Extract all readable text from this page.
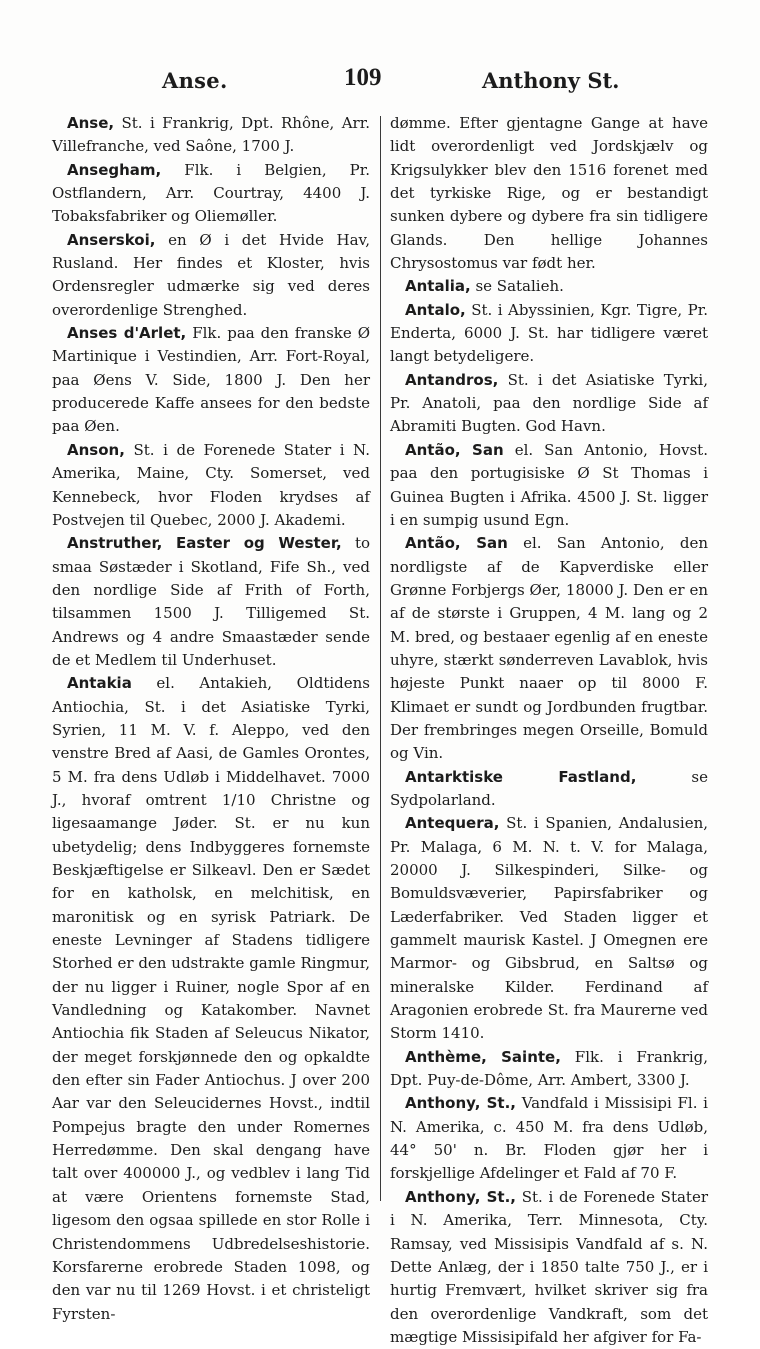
Anse.	109	Anthony St.

Anse, St. i Frankrig, Dpt. Rhône, Arr. Villefranche, ved Saône, 1700 J.

Ansegham, Flk. i Belgien, Pr. Ostflandern, Arr. Courtray, 4400 J. Tobaksfabriker og Oliemøller.

Anserskoi, en Ø i det Hvide Hav, Rusland. Her findes et Kloster, hvis Ordensregler udmærke sig ved deres overordenlige Strenghed.

Anses d'Arlet, Flk. paa den franske Ø Martinique i Vestindien, Arr. Fort-Royal, paa Øens V. Side, 1800 J. Den her producerede Kaffe ansees for den bedste paa Øen.

Anson, St. i de Forenede Stater i N. Amerika, Maine, Cty. Somerset, ved Kennebeck, hvor Floden krydses af Postvejen til Quebec, 2000 J. Akademi.

Anstruther, Easter og Wester, to smaa Søstæder i Skotland, Fife Sh., ved den nordlige Side af Frith of Forth, tilsammen 1500 J. Tilligemed St. Andrews og 4 andre Smaastæder sende de et Medlem til Underhuset.

Antakia el. Antakieh, Oldtidens Antiochia, St. i det Asiatiske Tyrki, Syrien, 11 M. V. f. Aleppo, ved den venstre Bred af Aasi, de Gamles Orontes, 5 M. fra dens Udløb i Middelhavet. 7000 J., hvoraf omtrent 1/10 Christne og ligesaamange Jøder. St. er nu kun ubetydelig; dens Indbyggeres fornemste Beskjæftigelse er Silkeavl. Den er Sædet for en katholsk, en melchitisk, en maronitisk og en syrisk Patriark. De eneste Levninger af Stadens tidligere Storhed er den udstrakte gamle Ringmur, der nu ligger i Ruiner, nogle Spor af en Vandledning og Katakomber. Navnet Antiochia fik Staden af Seleucus Nikator, der meget forskjønnede den og opkaldte den efter sin Fader Antiochus. J over 200 Aar var den Seleucidernes Hovst., indtil Pompejus bragte den under Romernes Herredømme. Den skal dengang have talt over 400000 J., og vedblev i lang Tid at være Orientens fornemste Stad, ligesom den ogsaa spillede en stor Rolle i Christendommens Udbredelseshistorie. Korsfarerne erobrede Staden 1098, og den var nu til 1269 Hovst. i et christeligt Fyrsten-

dømme. Efter gjentagne Gange at have lidt overordenligt ved Jordskjælv og Krigsulykker blev den 1516 forenet med det tyrkiske Rige, og er bestandigt sunken dybere og dybere fra sin tidligere Glands. Den hellige Johannes Chrysostomus var født her.

Antalia, se Satalieh.

Antalo, St. i Abyssinien, Kgr. Tigre, Pr. Enderta, 6000 J. St. har tidligere været langt betydeligere.

Antandros, St. i det Asiatiske Tyrki, Pr. Anatoli, paa den nordlige Side af Abramiti Bugten. God Havn.

Antão, San el. San Antonio, Hovst. paa den portugisiske Ø St Thomas i Guinea Bugten i Afrika. 4500 J. St. ligger i en sumpig usund Egn.

Antão, San el. San Antonio, den nordligste af de Kapverdiske eller Grønne Forbjergs Øer, 18000 J. Den er en af de største i Gruppen, 4 M. lang og 2 M. bred, og bestaaer egenlig af en eneste uhyre, stærkt sønderreven Lavablok, hvis højeste Punkt naaer op til 8000 F. Klimaet er sundt og Jordbunden frugtbar. Der frembringes megen Orseille, Bomuld og Vin.

Antarktiske Fastland, se Sydpolarland.

Antequera, St. i Spanien, Andalusien, Pr. Malaga, 6 M. N. t. V. for Malaga, 20000 J. Silkespinderi, Silke- og Bomuldsvæverier, Papirsfabriker og Læderfabriker. Ved Staden ligger et gammelt maurisk Kastel. J Omegnen ere Marmor- og Gibsbrud, en Saltsø og mineralske Kilder. Ferdinand af Aragonien erobrede St. fra Maurerne ved Storm 1410.

Anthème, Sainte, Flk. i Frankrig, Dpt. Puy-de-Dôme, Arr. Ambert, 3300 J.

Anthony, St., Vandfald i Missisipi Fl. i N. Amerika, c. 450 M. fra dens Udløb, 44° 50' n. Br. Floden gjør her i forskjellige Afdelinger et Fald af 70 F.

Anthony, St., St. i de Forenede Stater i N. Amerika, Terr. Minnesota, Cty. Ramsay, ved Missisipis Vandfald af s. N. Dette Anlæg, der i 1850 talte 750 J., er i hurtig Fremvært, hvilket skriver sig fra den overordenlige Vandkraft, som det mægtige Missisipifald her afgiver for Fa-
